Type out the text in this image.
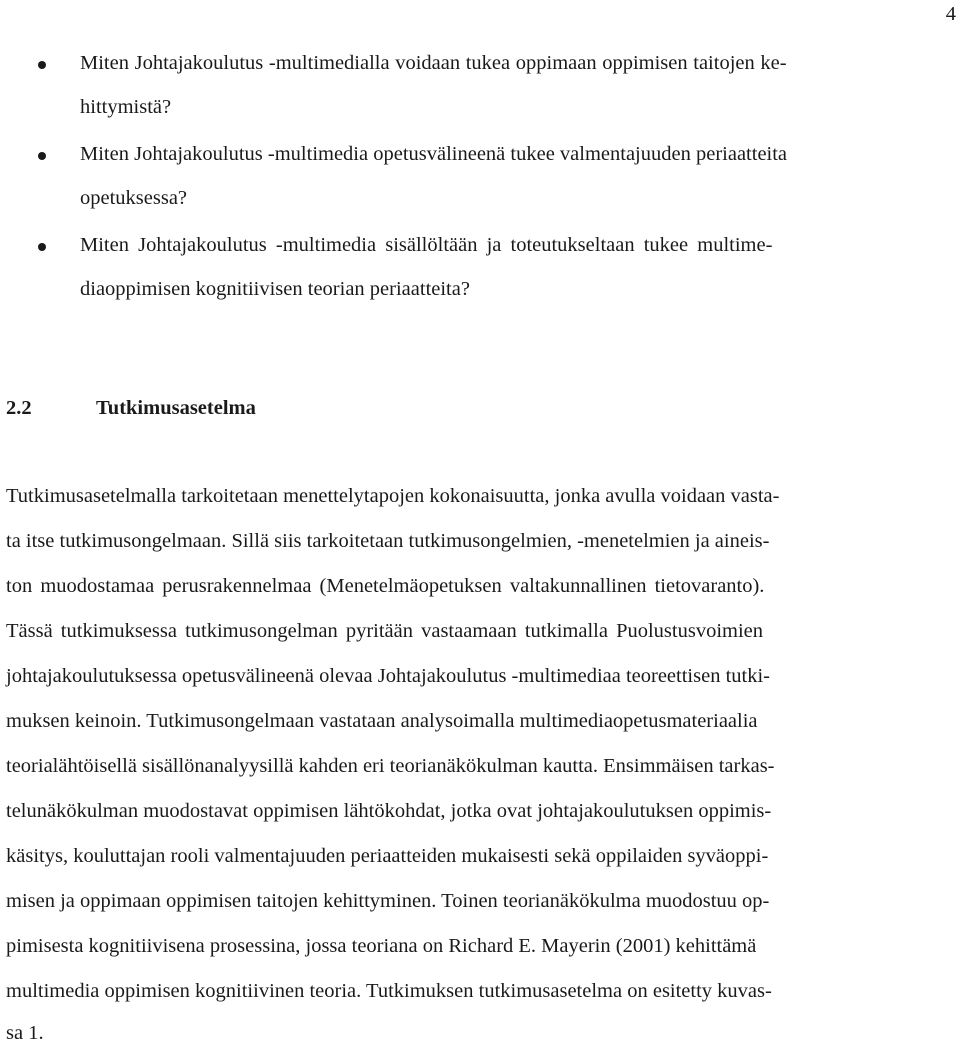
4
Miten Johtajakoulutus -multimedialla voidaan tukea oppimaan oppimisen taitojen ke-
hittymistä?
Miten Johtajakoulutus -multimedia opetusvälineenä tukee valmentajuuden periaatteita
opetuksessa?
Miten Johtajakoulutus -multimedia sisällöltään ja toteutukseltaan tukee multime-
diaoppimisen kognitiivisen teorian periaatteita?
2.2	Tutkimusasetelma
Tutkimusasetelmalla tarkoitetaan menettelytapojen kokonaisuutta, jonka avulla voidaan vasta-
ta itse tutkimusongelmaan. Sillä siis tarkoitetaan tutkimusongelmien, -menetelmien ja aineis-
ton muodostamaa perusrakennelmaa (Menetelmäopetuksen valtakunnallinen tietovaranto).
Tässä tutkimuksessa tutkimusongelman pyritään vastaamaan tutkimalla Puolustusvoimien
johtajakoulutuksessa opetusvälineenä olevaa Johtajakoulutus -multimediaa teoreettisen tutki-
muksen keinoin. Tutkimusongelmaan vastataan analysoimalla multimediaopetusmateriaalia
teorialähtöisellä sisällönanalyysillä kahden eri teorianäkökulman kautta. Ensimmäisen tarkas-
telunäkökulman muodostavat oppimisen lähtökohdat, jotka ovat johtajakoulutuksen oppimis-
käsitys, kouluttajan rooli valmentajuuden periaatteiden mukaisesti sekä oppilaiden syväoppi-
misen ja oppimaan oppimisen taitojen kehittyminen. Toinen teorianäkökulma muodostuu op-
pimisesta kognitiivisena prosessina, jossa teoriana on Richard E. Mayerin (2001) kehittämä
multimedia oppimisen kognitiivinen teoria. Tutkimuksen tutkimusasetelma on esitetty kuvas-
sa 1.
